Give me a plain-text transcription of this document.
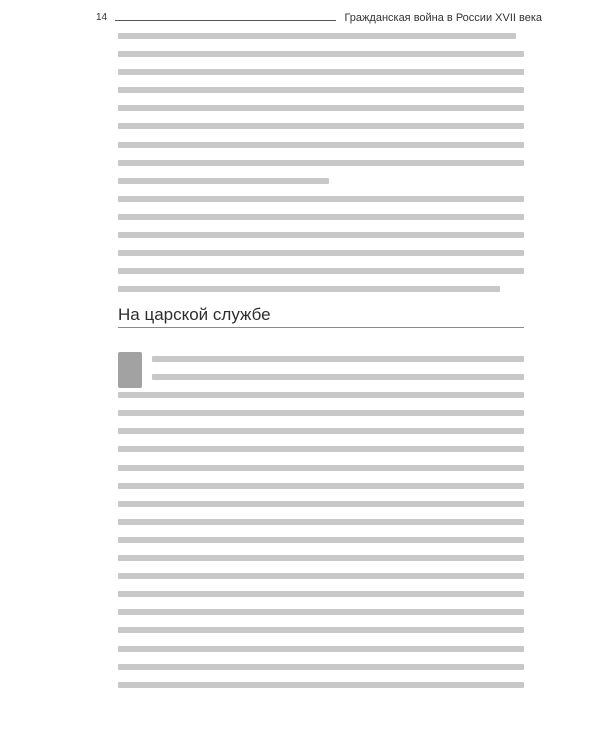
14	Гражданская война в России XVII века
На царской службе
